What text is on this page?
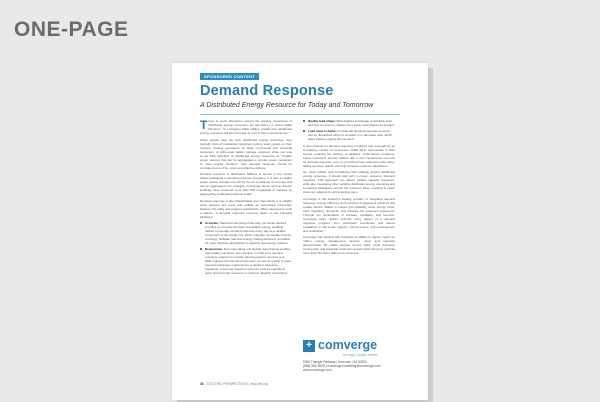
ONE-PAGE
SPONSORED CONTENT
Demand Response
A Distributed Energy Resource for Today and Tomorrow

There is much discussion around the growing importance of distributed energy resources. As reported in a recent IWEF Directory, "in managing DER utilities predict that distributed energy resources will also increase as part of their overall fuel mix."

When people hear the term distributed energy resources, they typically think of residential customers putting solar panels on their rooftops, backup generators on large commercial and industrial customers, or utility-scale battery storage. However, when you look at the EPA definition of distributed energy resources as "smaller power sources that can be aggregated to provide power necessary to meet regular demand," then demand response should be considered one of the most cost-effective options.

Demand response is distributed. Millions of homes in the United States participate in demand response programs. It is also a smaller power source (usually one kW for the air conditioner at a home) and can be aggregated. For example, Comverge clients such as Exelon Holdings have amassed more than 500 megawatts of capacity by aggregating residential customer loads.

Demand response is also dispatchable and, importantly, it is reliable when devices are used that enable an automated connection between the utility and program participants. When deployed in such a fashion, a demand response resource takes on the following attributes:

Accurate: Statistical sampling of two-way connected devices provides an accurate forecast of available energy, enabling utilities to leverage demand response every day as a reliable component of the supply mix, better integrate renewable sources of energy, facilitate real-time energy trading decisions, and allow for more effective participation in capacity and energy markets.
Responsive: Fast responding and flexible load shaping enables high-quality outcomes. For example, in order for a demand response program to provide spinning reserve services (e.g., DER registered for demand response), as well as qualify to meet resource adequacy requirements or assist in frequency regulation, a demand response resource must be capable of quick and accurate response to real-time dispatch instructions.
Quality load shape: With detailed knowledge of available load and how to control it, utilities can custom load shapes as needed.
Load shed or build: A residential demand response resource can be dispatched either to increase or to decrease load, which helps balance supply and demand.

A new channel for demand response programs has emerged as an increasing number of consumers install Wi-Fi thermostats in their homes, enabling the delivery of adaptive, smart-device programs. These customers provide utilities with a very inexpensive resource for demand response, and, by providing these customers with value-added services, utilities can help increase customer satisfaction.

So, when utilities start formalizing their strategy around distributed energy resources, it should start with a proven resource: Demand response. This approach can deliver reliable capacity resources, while also integrating other variable distributed energy resources and increasing satisfaction across the customer base, resulting in better customer relations for all remaining steps.

Comverge is the industry's leading provider of integrated demand response, energy efficiency and customer engagement solutions that enable electric utilities to ensure grid reliability, lower energy costs, meet regulatory demands, and enhance the customer experience. Through our combination of software, hardware, and services, Comverge helps utilities optimize every aspect of a demand response program, from participant recruitment and device installation to call center support, control events, and measurement and verification.

Comverge has worked with hundreds of utilities to deploy nearly six million energy management devices, owns and operates approximately 85 million devices across utility, small business, commercial, and industrial customers across North America, and has more than 15 million utility end customers.

+ comverge
energy made better
5390 Triangle Parkway | Norcross, GA 30092
(888) 565-5525 | comverge.marketing@comverge.com
www.comverge.com
40 ELECTRIC PERSPECTIVES | www.eei.org
